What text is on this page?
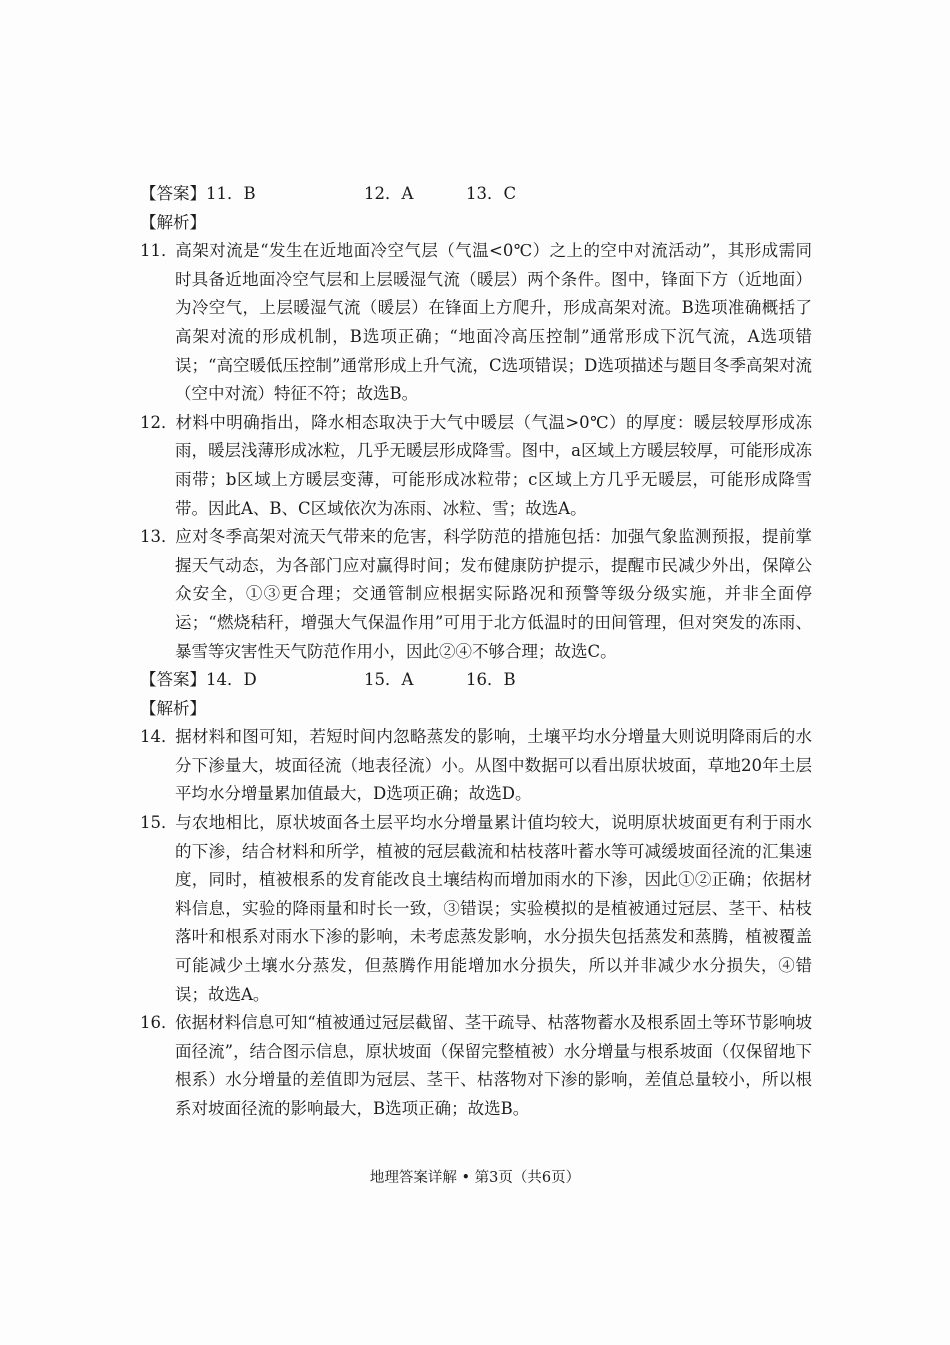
【答案】11．B	12．A	13．C

【解析】

11．高架对流是“发生在近地面冷空气层（气温<0℃）之上的空中对流活动”，其形成需同时具备近地面冷空气层和上层暖湿气流（暖层）两个条件。图中，锋面下方（近地面）为冷空气，上层暖湿气流（暖层）在锋面上方爬升，形成高架对流。B选项准确概括了高架对流的形成机制，B选项正确；“地面冷高压控制”通常形成下沉气流，A选项错误；“高空暖低压控制”通常形成上升气流，C选项错误；D选项描述与题目冬季高架对流（空中对流）特征不符；故选B。

12．材料中明确指出，降水相态取决于大气中暖层（气温>0℃）的厚度：暖层较厚形成冻雨，暖层浅薄形成冰粒，几乎无暖层形成降雪。图中，a区域上方暖层较厚，可能形成冻雨带；b区域上方暖层变薄，可能形成冰粒带；c区域上方几乎无暖层，可能形成降雪带。因此A、B、C区域依次为冻雨、冰粒、雪；故选A。

13．应对冬季高架对流天气带来的危害，科学防范的措施包括：加强气象监测预报，提前掌握天气动态，为各部门应对赢得时间；发布健康防护提示，提醒市民减少外出，保障公众安全，①③更合理；交通管制应根据实际路况和预警等级分级实施，并非全面停运；“燃烧秸秆，增强大气保温作用”可用于北方低温时的田间管理，但对突发的冻雨、暴雪等灾害性天气防范作用小，因此②④不够合理；故选C。

【答案】14．D	15．A	16．B

【解析】

14．据材料和图可知，若短时间内忽略蒸发的影响，土壤平均水分增量大则说明降雨后的水分下渗量大，坡面径流（地表径流）小。从图中数据可以看出原状坡面，草地20年土层平均水分增量累加值最大，D选项正确；故选D。

15．与农地相比，原状坡面各土层平均水分增量累计值均较大，说明原状坡面更有利于雨水的下渗，结合材料和所学，植被的冠层截流和枯枝落叶蓄水等可减缓坡面径流的汇集速度，同时，植被根系的发育能改良土壤结构而增加雨水的下渗，因此①②正确；依据材料信息，实验的降雨量和时长一致，③错误；实验模拟的是植被通过冠层、茎干、枯枝落叶和根系对雨水下渗的影响，未考虑蒸发影响，水分损失包括蒸发和蒸腾，植被覆盖可能减少土壤水分蒸发，但蒸腾作用能增加水分损失，所以并非减少水分损失，④错误；故选A。

16．依据材料信息可知“植被通过冠层截留、茎干疏导、枯落物蓄水及根系固土等环节影响坡面径流”，结合图示信息，原状坡面（保留完整植被）水分增量与根系坡面（仅保留地下根系）水分增量的差值即为冠层、茎干、枯落物对下渗的影响，差值总量较小，所以根系对坡面径流的影响最大，B选项正确；故选B。

地理答案详解 • 第3页（共6页）
